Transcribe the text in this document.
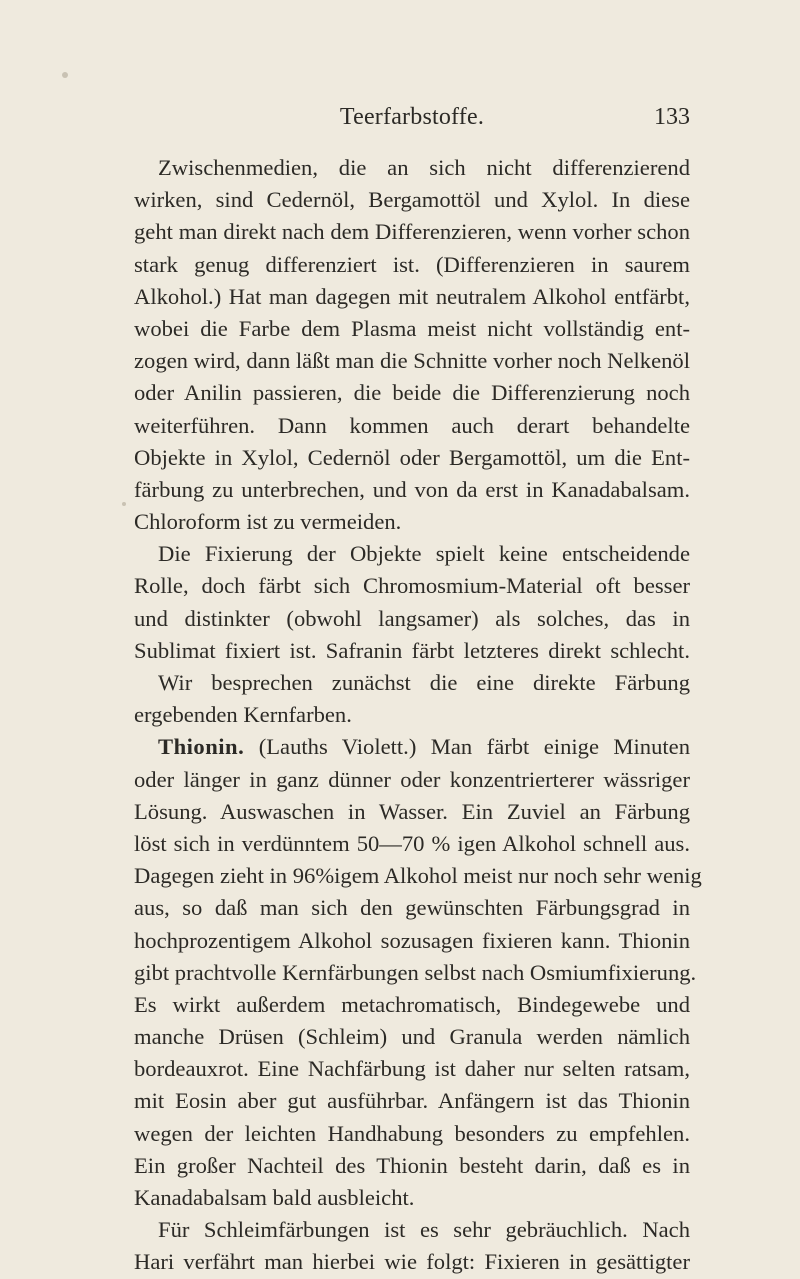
Teerfarbstoffe.	133
Zwischenmedien, die an sich nicht differenzierend
wirken, sind Cedernöl, Bergamottöl und Xylol. In diese
geht man direkt nach dem Differenzieren, wenn vorher schon
stark genug differenziert ist. (Differenzieren in saurem
Alkohol.) Hat man dagegen mit neutralem Alkohol entfärbt,
wobei die Farbe dem Plasma meist nicht vollständig ent-
zogen wird, dann läßt man die Schnitte vorher noch Nelkenöl
oder Anilin passieren, die beide die Differenzierung noch
weiterführen. Dann kommen auch derart behandelte
Objekte in Xylol, Cedernöl oder Bergamottöl, um die Ent-
färbung zu unterbrechen, und von da erst in Kanadabalsam.
Chloroform ist zu vermeiden.
Die Fixierung der Objekte spielt keine entscheidende
Rolle, doch färbt sich Chromosmium-Material oft besser
und distinkter (obwohl langsamer) als solches, das in
Sublimat fixiert ist. Safranin färbt letzteres direkt schlecht.
Wir besprechen zunächst die eine direkte Färbung
ergebenden Kernfarben.
Thionin. (Lauths Violett.) Man färbt einige Minuten
oder länger in ganz dünner oder konzentrierterer wässriger
Lösung. Auswaschen in Wasser. Ein Zuviel an Färbung
löst sich in verdünntem 50—70 % igen Alkohol schnell aus.
Dagegen zieht in 96%igem Alkohol meist nur noch sehr wenig
aus, so daß man sich den gewünschten Färbungsgrad in
hochprozentigem Alkohol sozusagen fixieren kann. Thionin
gibt prachtvolle Kernfärbungen selbst nach Osmiumfixierung.
Es wirkt außerdem metachromatisch, Bindegewebe und
manche Drüsen (Schleim) und Granula werden nämlich
bordeauxrot. Eine Nachfärbung ist daher nur selten ratsam,
mit Eosin aber gut ausführbar. Anfängern ist das Thionin
wegen der leichten Handhabung besonders zu empfehlen.
Ein großer Nachteil des Thionin besteht darin, daß es in
Kanadabalsam bald ausbleicht.
Für Schleimfärbungen ist es sehr gebräuchlich. Nach
Hari verfährt man hierbei wie folgt: Fixieren in gesättigter
